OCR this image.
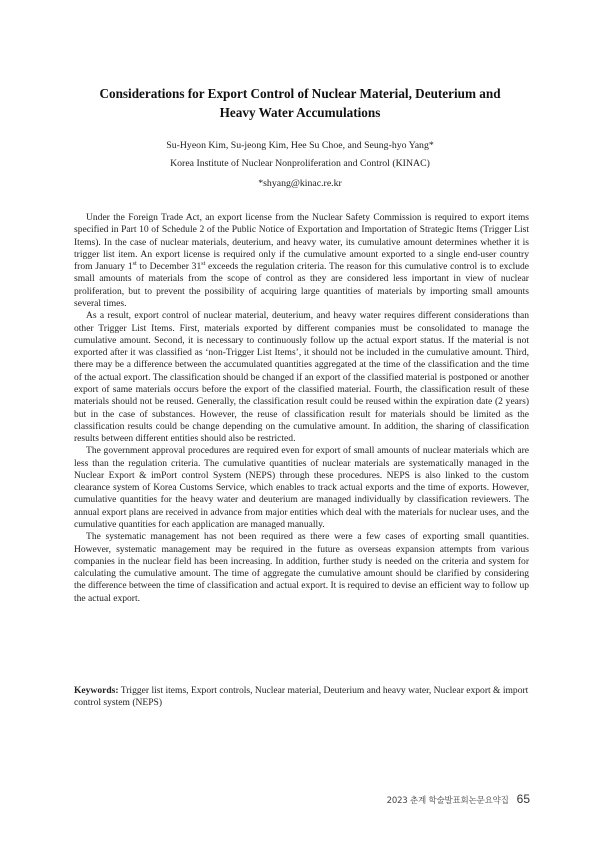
Considerations for Export Control of Nuclear Material, Deuterium and
Heavy Water Accumulations
Su-Hyeon Kim, Su-jeong Kim, Hee Su Choe, and Seung-hyo Yang*
Korea Institute of Nuclear Nonproliferation and Control (KINAC)
*shyang@kinac.re.kr

Under the Foreign Trade Act, an export license from the Nuclear Safety Commission is required to export items specified in Part 10 of Schedule 2 of the Public Notice of Exportation and Importation of Strategic Items (Trigger List Items). In the case of nuclear materials, deuterium, and heavy water, its cumulative amount determines whether it is trigger list item. An export license is required only if the cumulative amount exported to a single end-user country from January 1st to December 31st exceeds the regulation criteria. The reason for this cumulative control is to exclude small amounts of materials from the scope of control as they are considered less important in view of nuclear proliferation, but to prevent the possibility of acquiring large quantities of materials by importing small amounts several times.

As a result, export control of nuclear material, deuterium, and heavy water requires different considerations than other Trigger List Items. First, materials exported by different companies must be consolidated to manage the cumulative amount. Second, it is necessary to continuously follow up the actual export status. If the material is not exported after it was classified as ‘non-Trigger List Items’, it should not be included in the cumulative amount. Third, there may be a difference between the accumulated quantities aggregated at the time of the classification and the time of the actual export. The classification should be changed if an export of the classified material is postponed or another export of same materials occurs before the export of the classified material. Fourth, the classification result of these materials should not be reused. Generally, the classification result could be reused within the expiration date (2 years) but in the case of substances. However, the reuse of classification result for materials should be limited as the classification results could be change depending on the cumulative amount. In addition, the sharing of classification results between different entities should also be restricted.

The government approval procedures are required even for export of small amounts of nuclear materials which are less than the regulation criteria. The cumulative quantities of nuclear materials are systematically managed in the Nuclear Export & imPort control System (NEPS) through these procedures. NEPS is also linked to the custom clearance system of Korea Customs Service, which enables to track actual exports and the time of exports. However, cumulative quantities for the heavy water and deuterium are managed individually by classification reviewers. The annual export plans are received in advance from major entities which deal with the materials for nuclear uses, and the cumulative quantities for each application are managed manually.

The systematic management has not been required as there were a few cases of exporting small quantities. However, systematic management may be required in the future as overseas expansion attempts from various companies in the nuclear field has been increasing. In addition, further study is needed on the criteria and system for calculating the cumulative amount. The time of aggregate the cumulative amount should be clarified by considering the difference between the time of classification and actual export. It is required to devise an efficient way to follow up the actual export.

Keywords: Trigger list items, Export controls, Nuclear material, Deuterium and heavy water, Nuclear export & import control system (NEPS)
2023 춘계 학술발표회논문요약집 65
